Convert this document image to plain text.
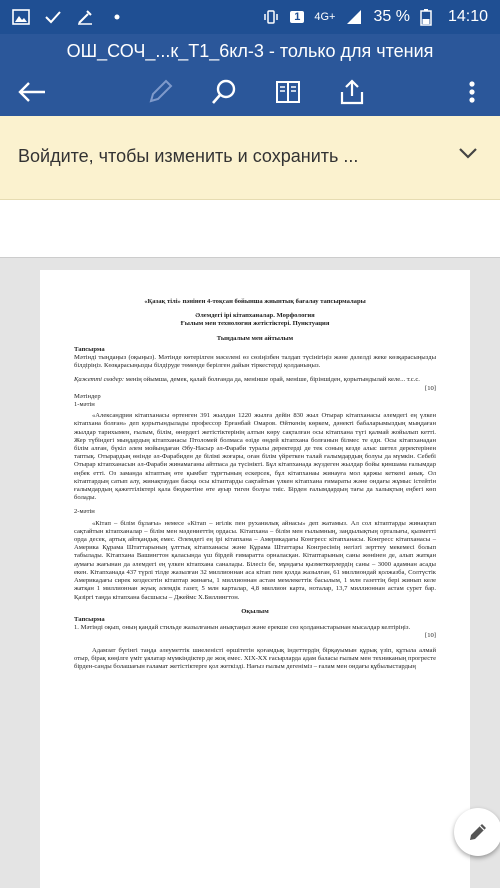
1	4G+ 35 % 14:10
ОШ_СОЧ_...к_Т1_6кл-3 - только для чтения
Войдите, чтобы изменить и сохранить ...

«Қазақ тілі» пәнінен 4-тоқсан бойынша жиынтық бағалау тапсырмалары

Әлемдегі ірі кітапханалар. Морфология

Ғылым мен технология жетістіктері. Пунктуация

Тыңдалым мен айтылым

Тапсырма

Мәтінді тыңдаңыз (оқыңыз). Мәтінде көтерілген мәселені өз сөзіңізбен талдап түсінігіңіз және дәлелді жеке көзқарасыңызды білдіріңіз. Көзқарасыңызды білдіруде төменде берілген дайын тіркестерді қолданыңыз.

Қажетті сөздер: менің ойымша, демек, қалай болғанда да, менінше орай, меніше, біріншіден, қорытындылай келе... т.с.с.

[10]

Мәтіндер

1-мәтін

«Александрия кітапханасы өртенген 391 жылдан 1220 жылға дейін 830 жыл Отырар кітапханасы әлемдегі ең үлкен кітапхана болған» деп қорытындылады профессор Ерғанбай Омаров. Өйткенің көркем, дәнекті бабаларымыздың мыңдаған жылдар тарихымен, ғылым, білім, өнердегі жетістіктерінің алтын көру сақталған осы кітапхана түгі қалмай жойылып кетті. Жер түбіндегі мыңдардың кітапханасы Птоломей болмаса өзіде өндей кітапхана болғанын білмес те еди. Осы кітапханадан білім алған, бүкіл әлем мойындаған Әбу-Насыр әл-Фараби туралы деректерді де тек соның кезде алыс шетел деректерінен таптық. Отырардың өнінде әл-Фарабиден де білімі жоғары, оған білім үйреткен талай ғалымдардың болуы да мүмкін. Себебі Отырар кітапханасын әл-Фараби жинамаганы айтпаса да түсінікті. Бұл кітапханада жүздеген жылдар бойы қиншама ғалымдар еңбек етті. Оз заманда кітаптың өте қымбат тұрғтының ескерсек, бұл кітапханаы жинауға мол қаржы кеткені анық. Ол кітаптардың сатып алу, жинақтаудан басқа осы кітаптарды сақтайтын үлкен кітапхана ғимараты және ондағы жұмыс істейтін ғалымдардың қажеттіліктері қала бюджетіне өте ауыр тиген болуы тиіс. Бірден ғалымдардың тағы да халықтың еңбегі көп болады.

2-мәтін

«Кітап – білім бұлағы» немесе «Кітап – игілік пен руханилық айнасы» деп жатамыз. Ал сол кітаптарды жинақтап сақтайтын кітапханалар – білім мен мәдениеттің ордасы. Кітапхана – білім мен ғылымның, заңдылықтың орталығы, қызметті орда десек, артық айтқандық емес. Әлемдегі ең ірі кітапхана – Америкадағы Конгресс кітапханасы. Конгресс кітапханасы – Америка Құрама Штаттарының ұлттық кітапханасы және Құрама Штаттары Конгресінің негізгі зерттеу мекемесі болып табылады. Кітапхана Вашингтон қаласында үш бірдей ғимаратта орналасқан. Кітаптарының саны жөнінен де, алып жатқан аумағы жағынан да әлемдегі ең үлкен кітапхана саналады. Білесіз бе, мұндағы қызметкерлердің саны – 3000 адамнан асады екен. Кітапханада 437 түрлі тілде жазылған 32 миллионнан аса кітап пен қолда жазылған, 61 миллиондай қолжазба, Солтүстік Америкадағы сирек кездесетін кітаптар жинағы, 1 миллионнан астам мемлекеттік басылым, 1 млн газеттің бері жинып келе жатқан 1 миллионнан жуық әлемдік газет, 5 млн карталар, 4,8 миллион карта, ноталар, 13,7 миллионнан астам сурет бар. Қазіргі таңда кітапхана басшысы – Джеймс Х.Биллингтон.

Оқылым

Тапсырма

1. Мәтінді оқып, оның қандай стильде жазылғанын анықтаңыз және ерекше сөз қолданыстарынан мысалдар келтіріңіз.

[10]

Адамзат бүгінгі таңда әлеуметтік шиеленісті өршітетін қоғамдық індеттердің бірқауымын құрық үзіп, құтыла алмай отыр, бірақ көңілге үміт ұялатар мүмкіндіктер де жоқ емес. XIX-XX ғасырларда адам баласы ғылым мен техниканың прогресте бірден-санды болашағын ғаламат жетістіктерге қол жеткізді. Нағыз ғылым дегеніміз – ғалам мен ондағы құбылыстардың
